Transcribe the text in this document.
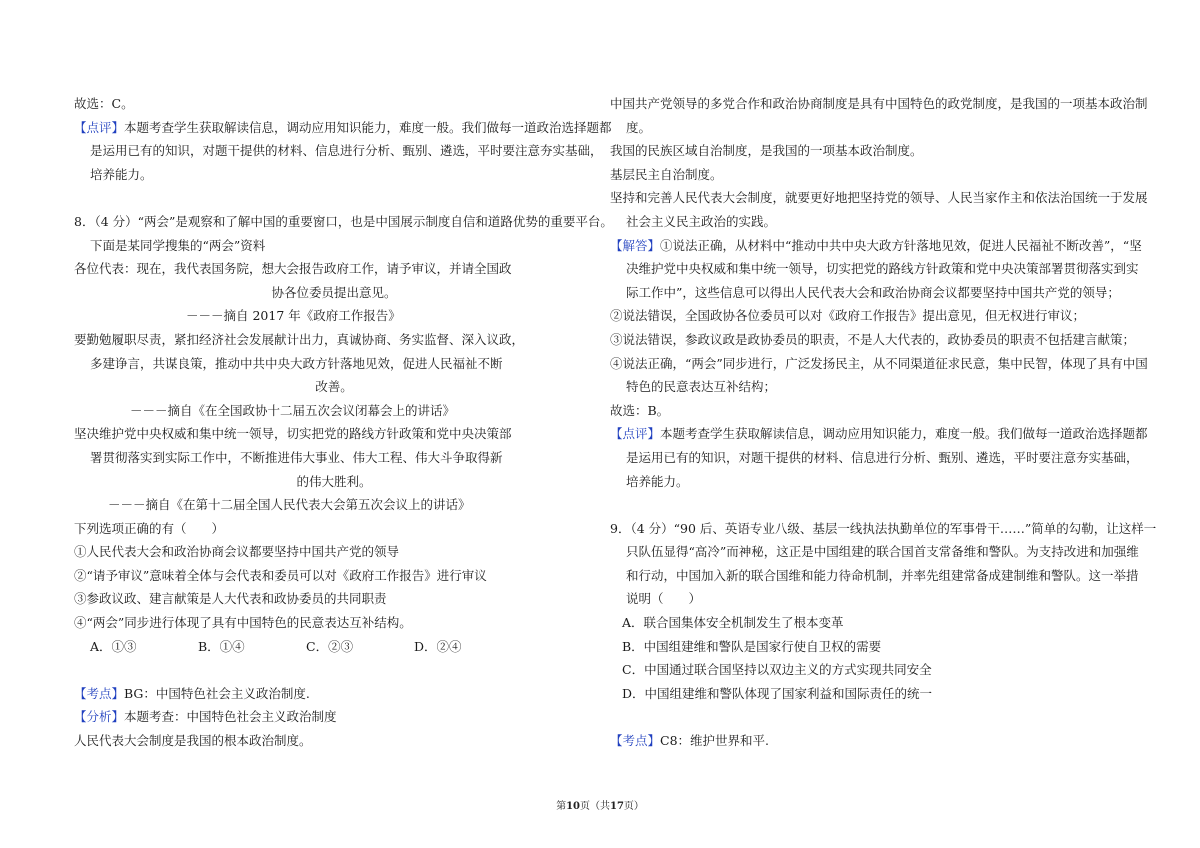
故选：C。

【点评】本题考查学生获取解读信息，调动应用知识能力，难度一般。我们做每一道政治选择题都

是运用已有的知识，对题干提供的材料、信息进行分析、甄别、遴选，平时要注意夯实基础，

培养能力。

8．（4 分）“两会”是观察和了解中国的重要窗口，也是中国展示制度自信和道路优势的重要平台。

下面是某同学搜集的“两会”资料

各位代表：现在，我代表国务院，想大会报告政府工作，请予审议，并请全国政

协各位委员提出意见。

－－－摘自 2017 年《政府工作报告》

要勤勉履职尽责，紧扣经济社会发展献计出力，真诚协商、务实监督、深入议政，

多建诤言，共谋良策，推动中共中央大政方针落地见效，促进人民福祉不断

改善。

－－－摘自《在全国政协十二届五次会议闭幕会上的讲话》

坚决维护党中央权威和集中统一领导，切实把党的路线方针政策和党中央决策部

署贯彻落实到实际工作中，不断推进伟大事业、伟大工程、伟大斗争取得新

的伟大胜利。

－－－摘自《在第十二届全国人民代表大会第五次会议上的讲话》

下列选项正确的有（　　）

①人民代表大会和政治协商会议都要坚持中国共产党的领导

②“请予审议”意味着全体与会代表和委员可以对《政府工作报告》进行审议

③参政议政、建言献策是人大代表和政协委员的共同职责

④“两会”同步进行体现了具有中国特色的民意表达互补结构。

A．①③	B．①④	C．②③	D．②④

【考点】BG：中国特色社会主义政治制度.

【分析】本题考查：中国特色社会主义政治制度

人民代表大会制度是我国的根本政治制度。

中国共产党领导的多党合作和政治协商制度是具有中国特色的政党制度，是我国的一项基本政治制

度。

我国的民族区域自治制度，是我国的一项基本政治制度。

基层民主自治制度。

坚持和完善人民代表大会制度，就要更好地把坚持党的领导、人民当家作主和依法治国统一于发展

社会主义民主政治的实践。

【解答】①说法正确，从材料中“推动中共中央大政方针落地见效，促进人民福祉不断改善”，“坚

决维护党中央权威和集中统一领导，切实把党的路线方针政策和党中央决策部署贯彻落实到实

际工作中”，这些信息可以得出人民代表大会和政治协商会议都要坚持中国共产党的领导；

②说法错误，全国政协各位委员可以对《政府工作报告》提出意见，但无权进行审议；

③说法错误，参政议政是政协委员的职责，不是人大代表的，政协委员的职责不包括建言献策；

④说法正确，“两会”同步进行，广泛发扬民主，从不同渠道征求民意，集中民智，体现了具有中国

特色的民意表达互补结构；

故选：B。

【点评】本题考查学生获取解读信息，调动应用知识能力，难度一般。我们做每一道政治选择题都

是运用已有的知识，对题干提供的材料、信息进行分析、甄别、遴选，平时要注意夯实基础，

培养能力。

9．（4 分）“90 后、英语专业八级、基层一线执法执勤单位的军事骨干……”简单的勾勒，让这样一

只队伍显得“高冷”而神秘，这正是中国组建的联合国首支常备维和警队。为支持改进和加强维

和行动，中国加入新的联合国维和能力待命机制，并率先组建常备成建制维和警队。这一举措

说明（　　）

A．联合国集体安全机制发生了根本变革

B．中国组建维和警队是国家行使自卫权的需要

C．中国通过联合国坚持以双边主义的方式实现共同安全

D．中国组建维和警队体现了国家利益和国际责任的统一

【考点】C8：维护世界和平.

第10页（共17页）
